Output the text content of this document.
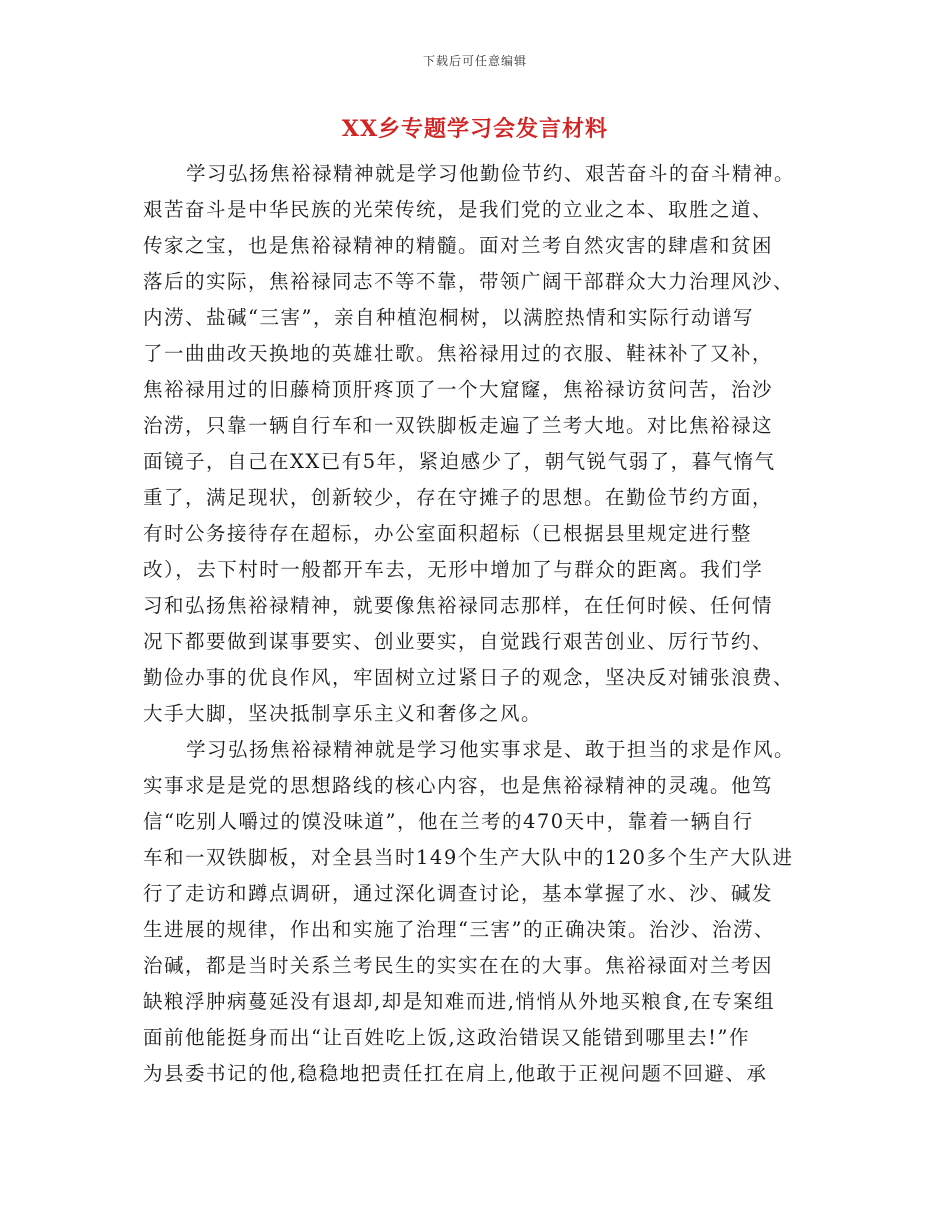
下载后可任意编辑
XX乡专题学习会发言材料
学习弘扬焦裕禄精神就是学习他勤俭节约、艰苦奋斗的奋斗精神。
艰苦奋斗是中华民族的光荣传统，是我们党的立业之本、取胜之道、
传家之宝，也是焦裕禄精神的精髓。面对兰考自然灾害的肆虐和贫困
落后的实际，焦裕禄同志不等不靠，带领广阔干部群众大力治理风沙、
内涝、盐碱“三害”，亲自种植泡桐树，以满腔热情和实际行动谱写
了一曲曲改天换地的英雄壮歌。焦裕禄用过的衣服、鞋袜补了又补，
焦裕禄用过的旧藤椅顶肝疼顶了一个大窟窿，焦裕禄访贫问苦，治沙
治涝，只靠一辆自行车和一双铁脚板走遍了兰考大地。对比焦裕禄这
面镜子，自己在XX已有5年，紧迫感少了，朝气锐气弱了，暮气惰气
重了，满足现状，创新较少，存在守摊子的思想。在勤俭节约方面，
有时公务接待存在超标，办公室面积超标（已根据县里规定进行整
改），去下村时一般都开车去，无形中增加了与群众的距离。我们学
习和弘扬焦裕禄精神，就要像焦裕禄同志那样，在任何时候、任何情
况下都要做到谋事要实、创业要实，自觉践行艰苦创业、厉行节约、
勤俭办事的优良作风，牢固树立过紧日子的观念，坚决反对铺张浪费、
大手大脚，坚决抵制享乐主义和奢侈之风。
学习弘扬焦裕禄精神就是学习他实事求是、敢于担当的求是作风。
实事求是是党的思想路线的核心内容，也是焦裕禄精神的灵魂。他笃
信“吃别人嚼过的馍没味道”，他在兰考的470天中，靠着一辆自行
车和一双铁脚板，对全县当时149个生产大队中的120多个生产大队进
行了走访和蹲点调研，通过深化调查讨论，基本掌握了水、沙、碱发
生进展的规律，作出和实施了治理“三害”的正确决策。治沙、治涝、
治碱，都是当时关系兰考民生的实实在在的大事。焦裕禄面对兰考因
缺粮浮肿病蔓延没有退却,却是知难而进,悄悄从外地买粮食,在专案组
面前他能挺身而出“让百姓吃上饭,这政治错误又能错到哪里去!”作
为县委书记的他,稳稳地把责任扛在肩上,他敢于正视问题不回避、承
